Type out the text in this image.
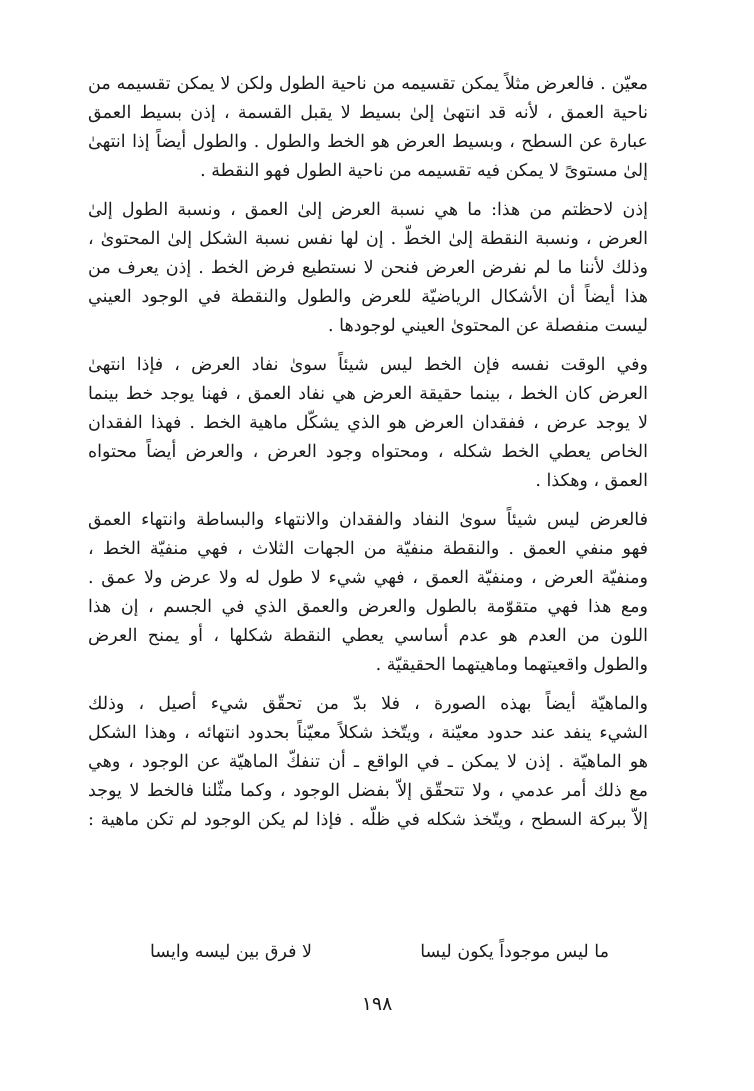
معيّن . فالعرض مثلاً يمكن تقسيمه من ناحية الطول ولكن لا يمكن تقسيمه من
ناحية العمق ، لأنه قد انتهىٰ إلىٰ بسيط لا يقبل القسمة ، إذن بسيط العمق
عبارة عن السطح ، وبسيط العرض هو الخط والطول . والطول أيضاً إذا انتهىٰ
إلىٰ مستوىً لا يمكن فيه تقسيمه من ناحية الطول فهو النقطة .
إذن لاحظتم من هذا: ما هي نسبة العرض إلىٰ العمق ، ونسبة الطول إلىٰ
العرض ، ونسبة النقطة إلىٰ الخطّ . إن لها نفس نسبة الشكل إلىٰ المحتوىٰ ،
وذلك لأننا ما لم نفرض العرض فنحن لا نستطيع فرض الخط . إذن يعرف من
هذا أيضاً أن الأشكال الرياضيّة للعرض والطول والنقطة في الوجود العيني
ليست منفصلة عن المحتوىٰ العيني لوجودها .
وفي الوقت نفسه فإن الخط ليس شيئاً سوىٰ نفاد العرض ، فإذا انتهىٰ
العرض كان الخط ، بينما حقيقة العرض هي نفاد العمق ، فهنا يوجد خط بينما
لا يوجد عرض ، ففقدان العرض هو الذي يشكّل ماهية الخط . فهذا الفقدان
الخاص يعطي الخط شكله ، ومحتواه وجود العرض ، والعرض أيضاً محتواه
العمق ، وهكذا .
فالعرض ليس شيئاً سوىٰ النفاد والفقدان والانتهاء والبساطة وانتهاء العمق
فهو منفي العمق . والنقطة منفيّة من الجهات الثلاث ، فهي منفيّة الخط ،
ومنفيّة العرض ، ومنفيّة العمق ، فهي شيء لا طول له ولا عرض ولا عمق .
ومع هذا فهي متقوّمة بالطول والعرض والعمق الذي في الجسم ، إن هذا
اللون من العدم هو عدم أساسي يعطي النقطة شكلها ، أو يمنح العرض
والطول واقعيتهما وماهيتهما الحقيقيّة .
والماهيّة أيضاً بهذه الصورة ، فلا بدّ من تحقّق شيء أصيل ، وذلك
الشيء ينفد عند حدود معيّنة ، ويتّخذ شكلاً معيّناً بحدود انتهائه ، وهذا الشكل
هو الماهيّة . إذن لا يمكن ـ في الواقع ـ أن تنفكّ الماهيّة عن الوجود ، وهي
مع ذلك أمر عدمي ، ولا تتحقّق إلاّ بفضل الوجود ، وكما مثّلنا فالخط لا يوجد
إلاّ ببركة السطح ، ويتّخذ شكله في ظلّه . فإذا لم يكن الوجود لم تكن ماهية :
ما ليس موجوداً يكون ليسا
لا فرق بين ليسه وايسا
١٩٨
